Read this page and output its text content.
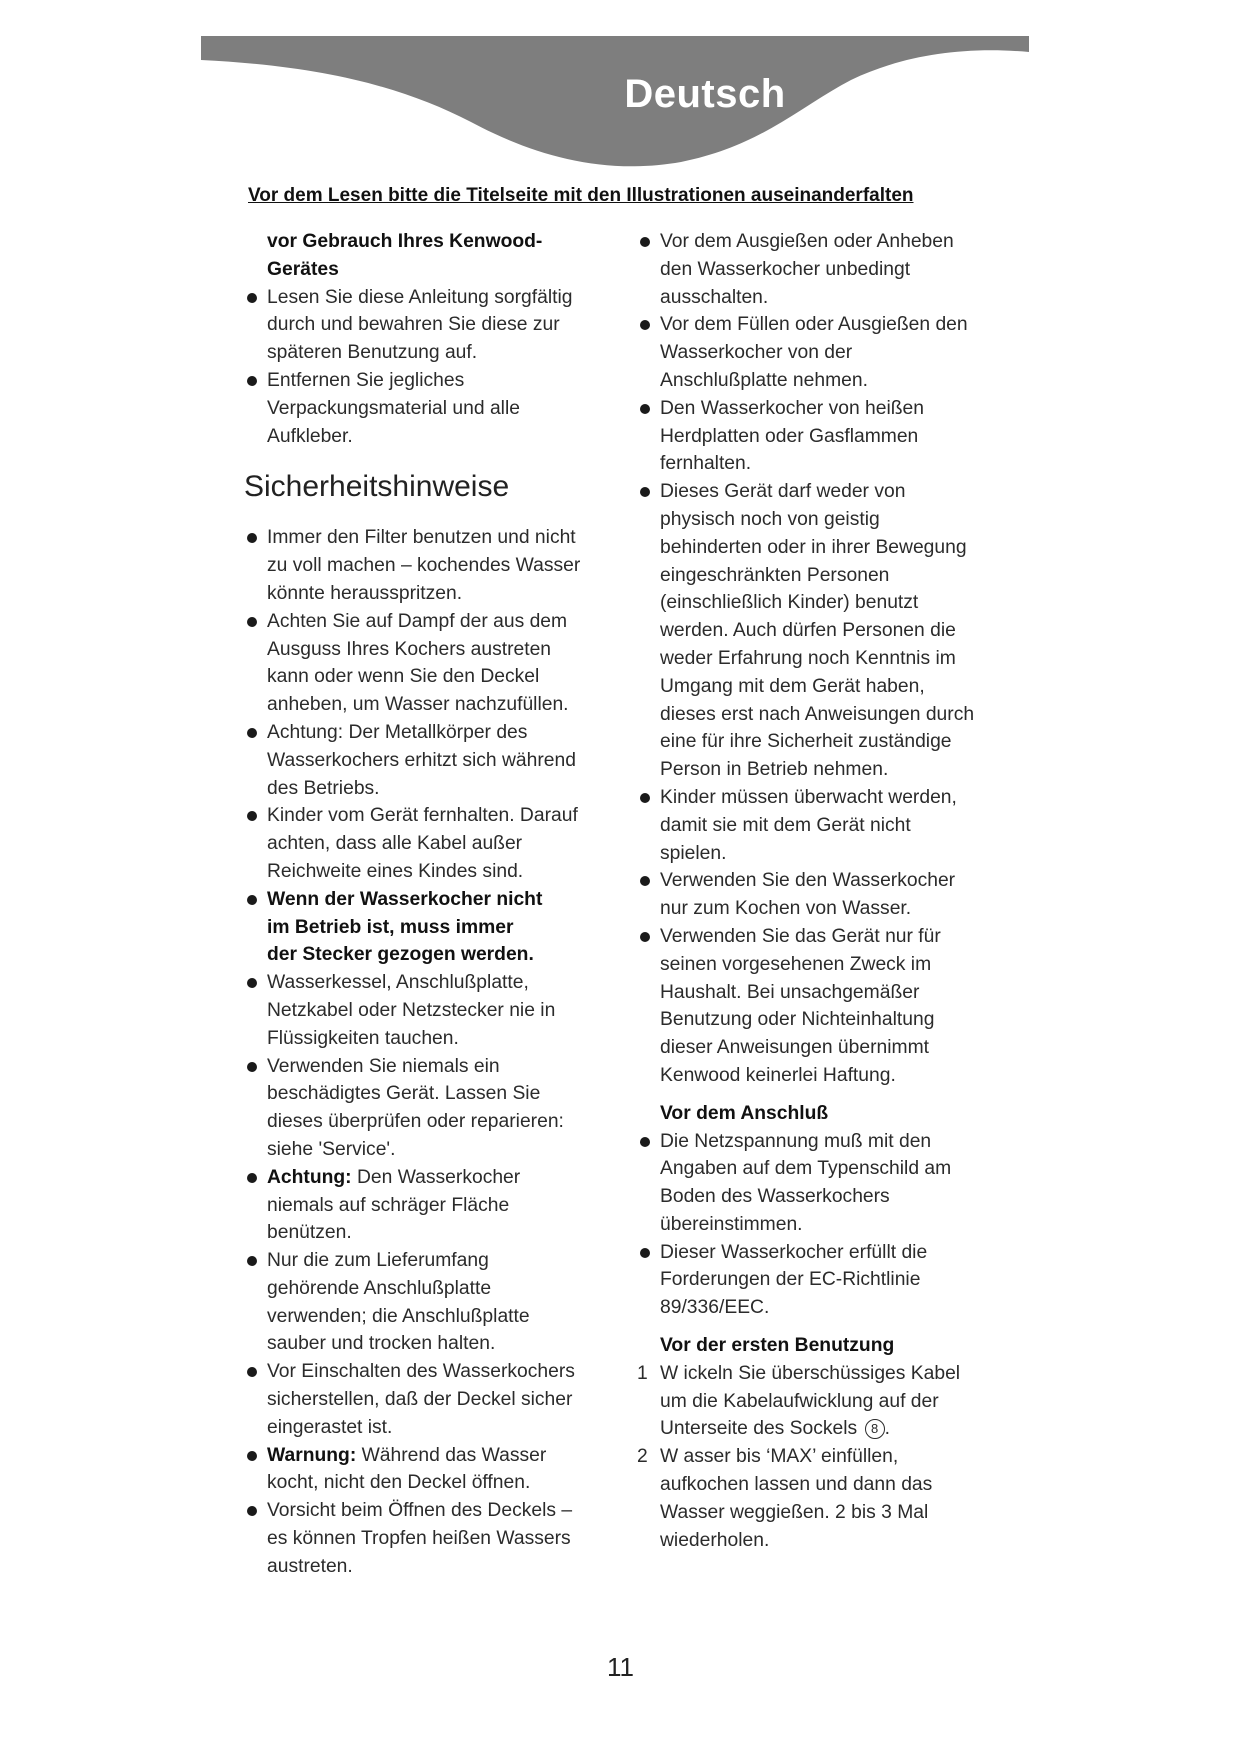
Deutsch
Vor dem Lesen bitte die Titelseite mit den Illustrationen auseinanderfalten
vor Gebrauch Ihres Kenwood-
Gerätes
Lesen Sie diese Anleitung sorgfältig
durch und bewahren Sie diese zur
späteren Benutzung auf.
Entfernen Sie jegliches
Verpackungsmaterial und alle
Aufkleber.
Sicherheitshinweise
Immer den Filter benutzen und nicht
zu voll machen – kochendes Wasser
könnte herausspritzen.
Achten Sie auf Dampf der aus dem
Ausguss Ihres Kochers austreten
kann oder wenn Sie den Deckel
anheben, um Wasser nachzufüllen.
Achtung: Der Metallkörper des
Wasserkochers erhitzt sich während
des Betriebs.
Kinder vom Gerät fernhalten. Darauf
achten, dass alle Kabel außer
Reichweite eines Kindes sind.
Wenn der Wasserkocher nicht
im Betrieb ist, muss immer
der Stecker gezogen werden.
Wasserkessel, Anschlußplatte,
Netzkabel oder Netzstecker nie in
Flüssigkeiten tauchen.
Verwenden Sie niemals ein
beschädigtes Gerät. Lassen Sie
dieses überprüfen oder reparieren:
siehe 'Service'.
Achtung: Den Wasserkocher
niemals auf schräger Fläche
benützen.
Nur die zum Lieferumfang
gehörende Anschlußplatte
verwenden; die Anschlußplatte
sauber und trocken halten.
Vor Einschalten des Wasserkochers
sicherstellen, daß der Deckel sicher
eingerastet ist.
Warnung: Während das Wasser
kocht, nicht den Deckel öffnen.
Vorsicht beim Öffnen des Deckels –
es können Tropfen heißen Wassers
austreten.
Vor dem Ausgießen oder Anheben
den Wasserkocher unbedingt
ausschalten.
Vor dem Füllen oder Ausgießen den
Wasserkocher von der
Anschlußplatte nehmen.
Den Wasserkocher von heißen
Herdplatten oder Gasflammen
fernhalten.
Dieses Gerät darf weder von
physisch noch von geistig
behinderten oder in ihrer Bewegung
eingeschränkten Personen
(einschließlich Kinder) benutzt
werden. Auch dürfen Personen die
weder Erfahrung noch Kenntnis im
Umgang mit dem Gerät haben,
dieses erst nach Anweisungen durch
eine für ihre Sicherheit zuständige
Person in Betrieb nehmen.
Kinder müssen überwacht werden,
damit sie mit dem Gerät nicht
spielen.
Verwenden Sie den Wasserkocher
nur zum Kochen von Wasser.
Verwenden Sie das Gerät nur für
seinen vorgesehenen Zweck im
Haushalt. Bei unsachgemäßer
Benutzung oder Nichteinhaltung
dieser Anweisungen übernimmt
Kenwood keinerlei Haftung.
Vor dem Anschluß
Die Netzspannung muß mit den
Angaben auf dem Typenschild am
Boden des Wasserkochers
übereinstimmen.
Dieser Wasserkocher erfüllt die
Forderungen der EC-Richtlinie
89/336/EEC.
Vor der ersten Benutzung
1 W ickeln Sie überschüssiges Kabel
um die Kabelaufwicklung auf der
Unterseite des Sockels 8 .
2 W asser bis ‘MAX’ einfüllen,
aufkochen lassen und dann das
Wasser weggießen. 2 bis 3 Mal
wiederholen.
11
